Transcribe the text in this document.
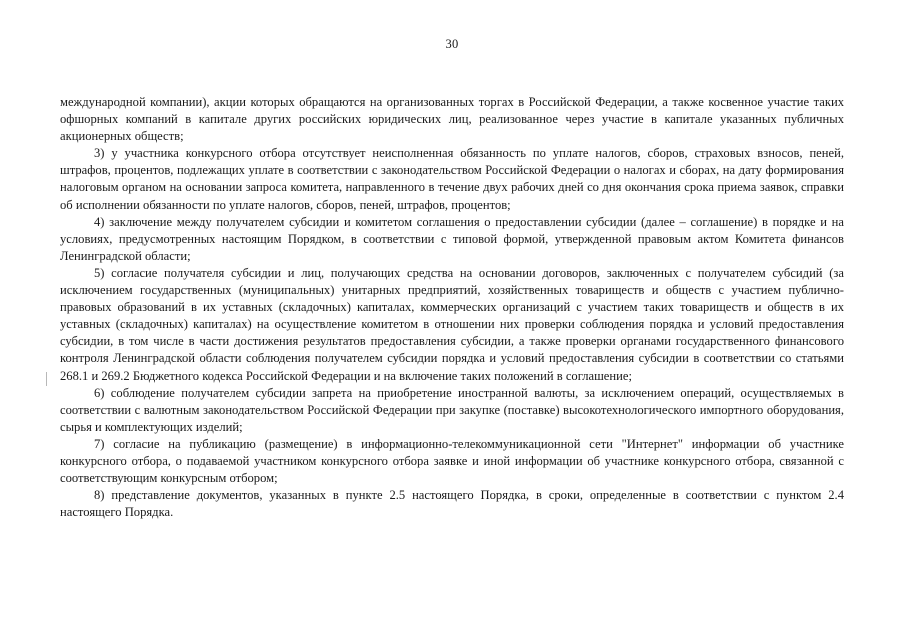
30

международной компании), акции которых обращаются на организованных торгах в Российской Федерации, а также косвенное участие таких офшорных компаний в капитале других российских юридических лиц, реализованное через участие в капитале указанных публичных акционерных обществ;

3) у участника конкурсного отбора отсутствует неисполненная обязанность по уплате налогов, сборов, страховых взносов, пеней, штрафов, процентов, подлежащих уплате в соответствии с законодательством Российской Федерации о налогах и сборах, на дату формирования налоговым органом на основании запроса комитета, направленного в течение двух рабочих дней со дня окончания срока приема заявок, справки об исполнении обязанности по уплате налогов, сборов, пеней, штрафов, процентов;

4) заключение между получателем субсидии и комитетом соглашения о предоставлении субсидии (далее – соглашение) в порядке и на условиях, предусмотренных настоящим Порядком, в соответствии с типовой формой, утвержденной правовым актом Комитета финансов Ленинградской области;

5) согласие получателя субсидии и лиц, получающих средства на основании договоров, заключенных с получателем субсидий (за исключением государственных (муниципальных) унитарных предприятий, хозяйственных товариществ и обществ с участием публично-правовых образований в их уставных (складочных) капиталах, коммерческих организаций с участием таких товариществ и обществ в их уставных (складочных) капиталах) на осуществление комитетом в отношении них проверки соблюдения порядка и условий предоставления субсидии, в том числе в части достижения результатов предоставления субсидии, а также проверки органами государственного финансового контроля Ленинградской области соблюдения получателем субсидии порядка и условий предоставления субсидии в соответствии со статьями 268.1 и 269.2 Бюджетного кодекса Российской Федерации и на включение таких положений в соглашение;

6) соблюдение получателем субсидии запрета на приобретение иностранной валюты, за исключением операций, осуществляемых в соответствии с валютным законодательством Российской Федерации при закупке (поставке) высокотехнологического импортного оборудования, сырья и комплектующих изделий;

7) согласие на публикацию (размещение) в информационно-телекоммуникационной сети "Интернет" информации об участнике конкурсного отбора, о подаваемой участником конкурсного отбора заявке и иной информации об участнике конкурсного отбора, связанной с соответствующим конкурсным отбором;

8) представление документов, указанных в пункте 2.5 настоящего Порядка, в сроки, определенные в соответствии с пунктом 2.4 настоящего Порядка.
